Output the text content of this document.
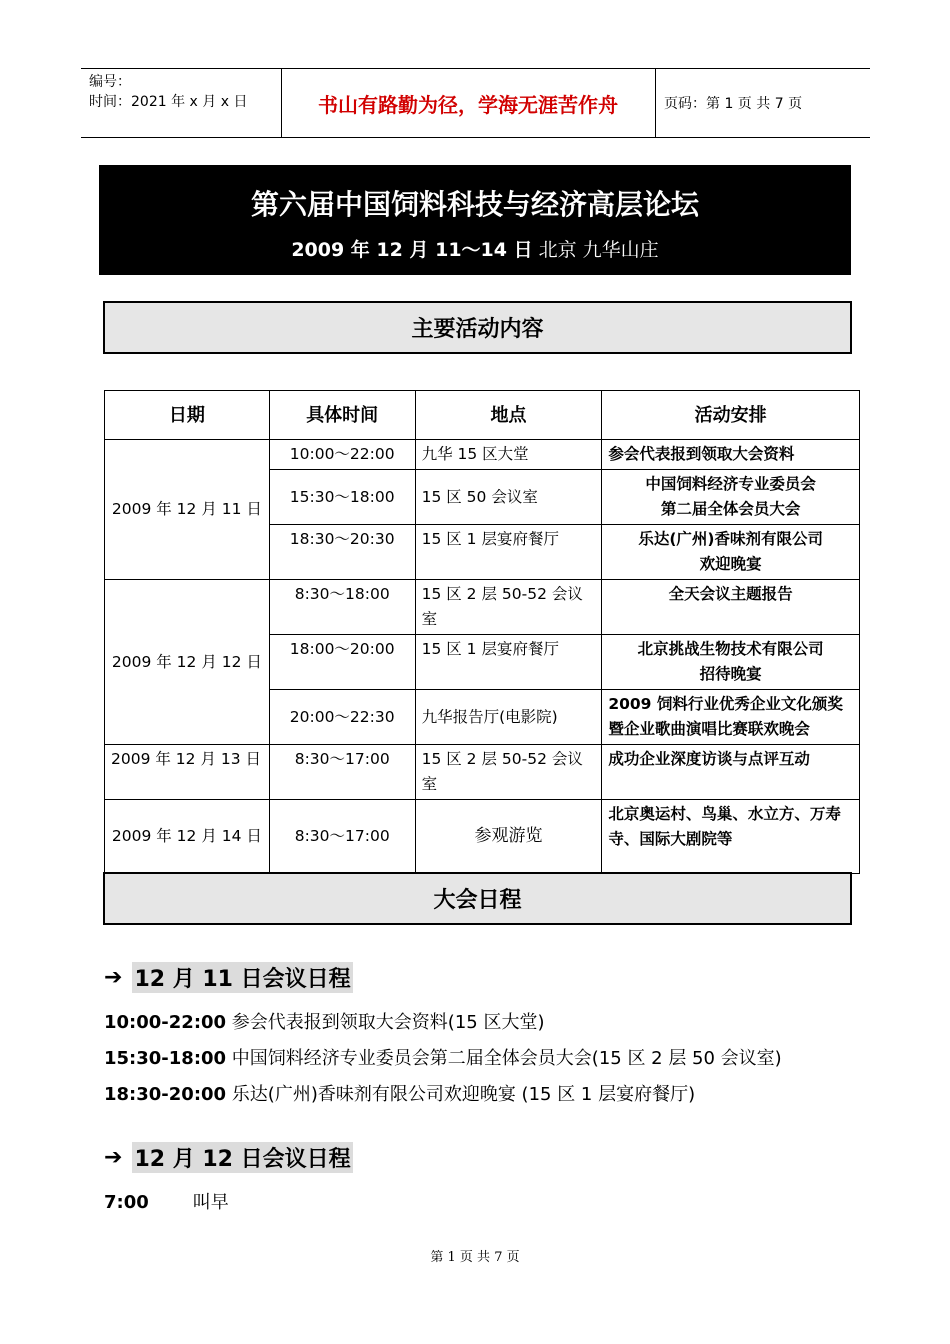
编号：
时间：2021 年 x 月 x 日	书山有路勤为径，学海无涯苦作舟	页码：第 1 页 共 7 页
第六届中国饲料科技与经济高层论坛
2009 年 12 月 11～14 日 北京 九华山庄
主要活动内容
日期	具体时间	地点	活动安排
2009 年 12 月 11 日	10:00～22:00	九华 15 区大堂	参会代表报到领取大会资料
	15:30～18:00	15 区 50 会议室	中国饲料经济专业委员会
第二届全体会员大会
	18:30～20:30	15 区 1 层宴府餐厅	乐达(广州)香味剂有限公司
欢迎晚宴
2009 年 12 月 12 日	8:30～18:00	15 区 2 层 50-52 会议室	全天会议主题报告
	18:00～20:00	15 区 1 层宴府餐厅	北京挑战生物技术有限公司
招待晚宴
	20:00～22:30	九华报告厅(电影院)	2009 饲料行业优秀企业文化颁奖暨企业歌曲演唱比赛联欢晚会
2009 年 12 月 13 日	8:30～17:00	15 区 2 层 50-52 会议室	成功企业深度访谈与点评互动
2009 年 12 月 14 日	8:30～17:00	参观游览	北京奥运村、鸟巢、水立方、万寿寺、国际大剧院等
大会日程
➔ 12 月 11 日会议日程
10:00-22:00 参会代表报到领取大会资料(15 区大堂)
15:30-18:00 中国饲料经济专业委员会第二届全体会员大会(15 区 2 层 50 会议室)
18:30-20:00 乐达(广州)香味剂有限公司欢迎晚宴 (15 区 1 层宴府餐厅)
➔ 12 月 12 日会议日程
7:00 叫早
第 1 页 共 7 页
